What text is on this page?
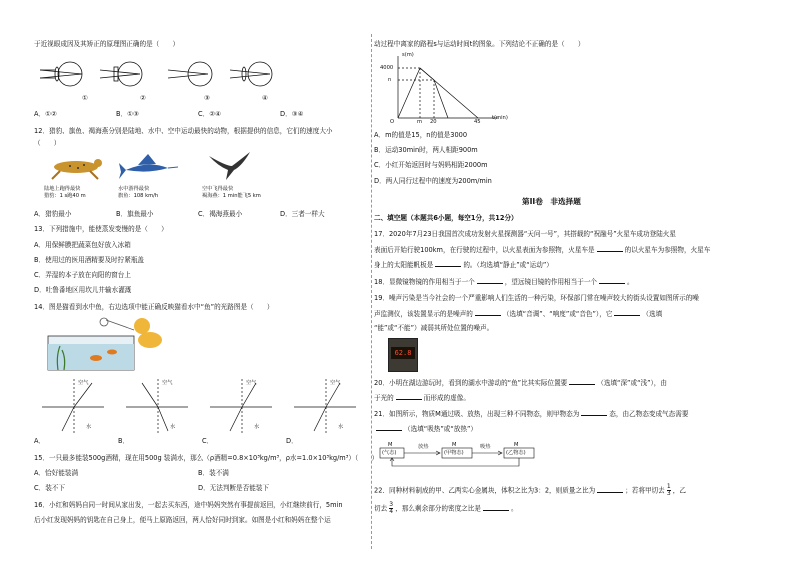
于近视眼成因及其矫正的原理图正确的是（　　）
①	②	③	④
A．①②	B．①③	C．②④	D．③④
12．猎豹、旗鱼、褐海燕分别是陆地、水中、空中运动最快的动物，根据提供的信息，它们的速度大小
（　　）
陆地上跑得最快
猎豹：1 s跑40 m
水中游得最快
旗鱼：108 km/h
空中飞得最快
褐海燕：1 min能飞5 km
A．猎豹最小	B．旗鱼最小	C．褐海燕最小	D．三者一样大
13．下列措施中，能使蒸发变慢的是（　　）
A．用保鲜膜把蔬菜包好放入冰箱
B．使用过的医用酒精要及时拧紧瓶盖
C．弄湿的本子放在向阳的窗台上
D．吐鲁番地区用坎儿井输水灌溉
14．图是猫看到水中鱼，右边选项中能正确反映猫看水中“鱼”的光路图是（　　）
空气	空气	空气	空气
水	水	水	水
A．	B．	C．	D．
15．一只最多能装500g酒精，现在用500g 装满水，那么（ρ酒精=0.8×10³kg/m³，ρ水=1.0×10³kg/m³）（　　）
A．恰好能装满	B．装不满
C．装不下	D．无法判断是否能装下
16．小红和妈妈自同一时间从家出发，一起去买东西，途中妈妈突然有事提前返回，小红继续前行，5min
后小红发现妈妈的钥匙在自己身上，便马上原路返回，两人恰好同时到家。如图是小红和妈妈在整个运
动过程中离家的路程s与运动时间t的图象。下列结论不正确的是（　　）
s(m)
t(min)
4000
n
O	m 20	45
A．m的值是15，n的值是3000
B．运动30min时，两人相距900m
C．小红开始返回时与妈妈相距2000m
D．两人同行过程中的速度为200m/min
第II卷　非选择题
二、填空题（本题共6小题，每空1分，共12分）
17．2020年7月23日我国首次成功发射火星探测器“天问一号”，其搭载的“祝融号”火星车成功登陆火星
表面后开始行驶100km，在行驶的过程中，以火星表面为参照物，火星车是	的以火星车为参照物，火星车
身上的太阳能帆板是	的。（均选填“静止”或“运动”）
18．显微镜物镜的作用相当于一个	，望远镜目镜的作用相当于一个	。
19．噪声污染是当今社会的一个严重影响人们生活的一种污染，环保部门常在噪声较大的街头设置如图所示的噪
声监测仪，该装置显示的是噪声的	（选填“音调”、“响度”或“音色”），它	（选填
“能”或“不能”）减弱其所处位置的噪声。
62.8
20．小明在湖边游玩时，看到的湖水中游动的“鱼”比其实际位置要	（选填“深”或“浅”），由
于光的	而形成的虚像。
21．如图所示，物质M通过吸、放热，出现三种不同物态，则甲物态为	态，由乙物态变成气态需要
（选填“吸热”或“放热”）
M
(气态)
放热	M
(甲物态)
吸热	M
(乙物态)
22．同种材料制成的甲、乙两实心金属块，体积之比为3：2，则质量之比为	；若将甲切去 $\frac{1}{3}$ ，乙
切去 $\frac{3}{4}$ ，那么剩余部分的密度之比是	。
